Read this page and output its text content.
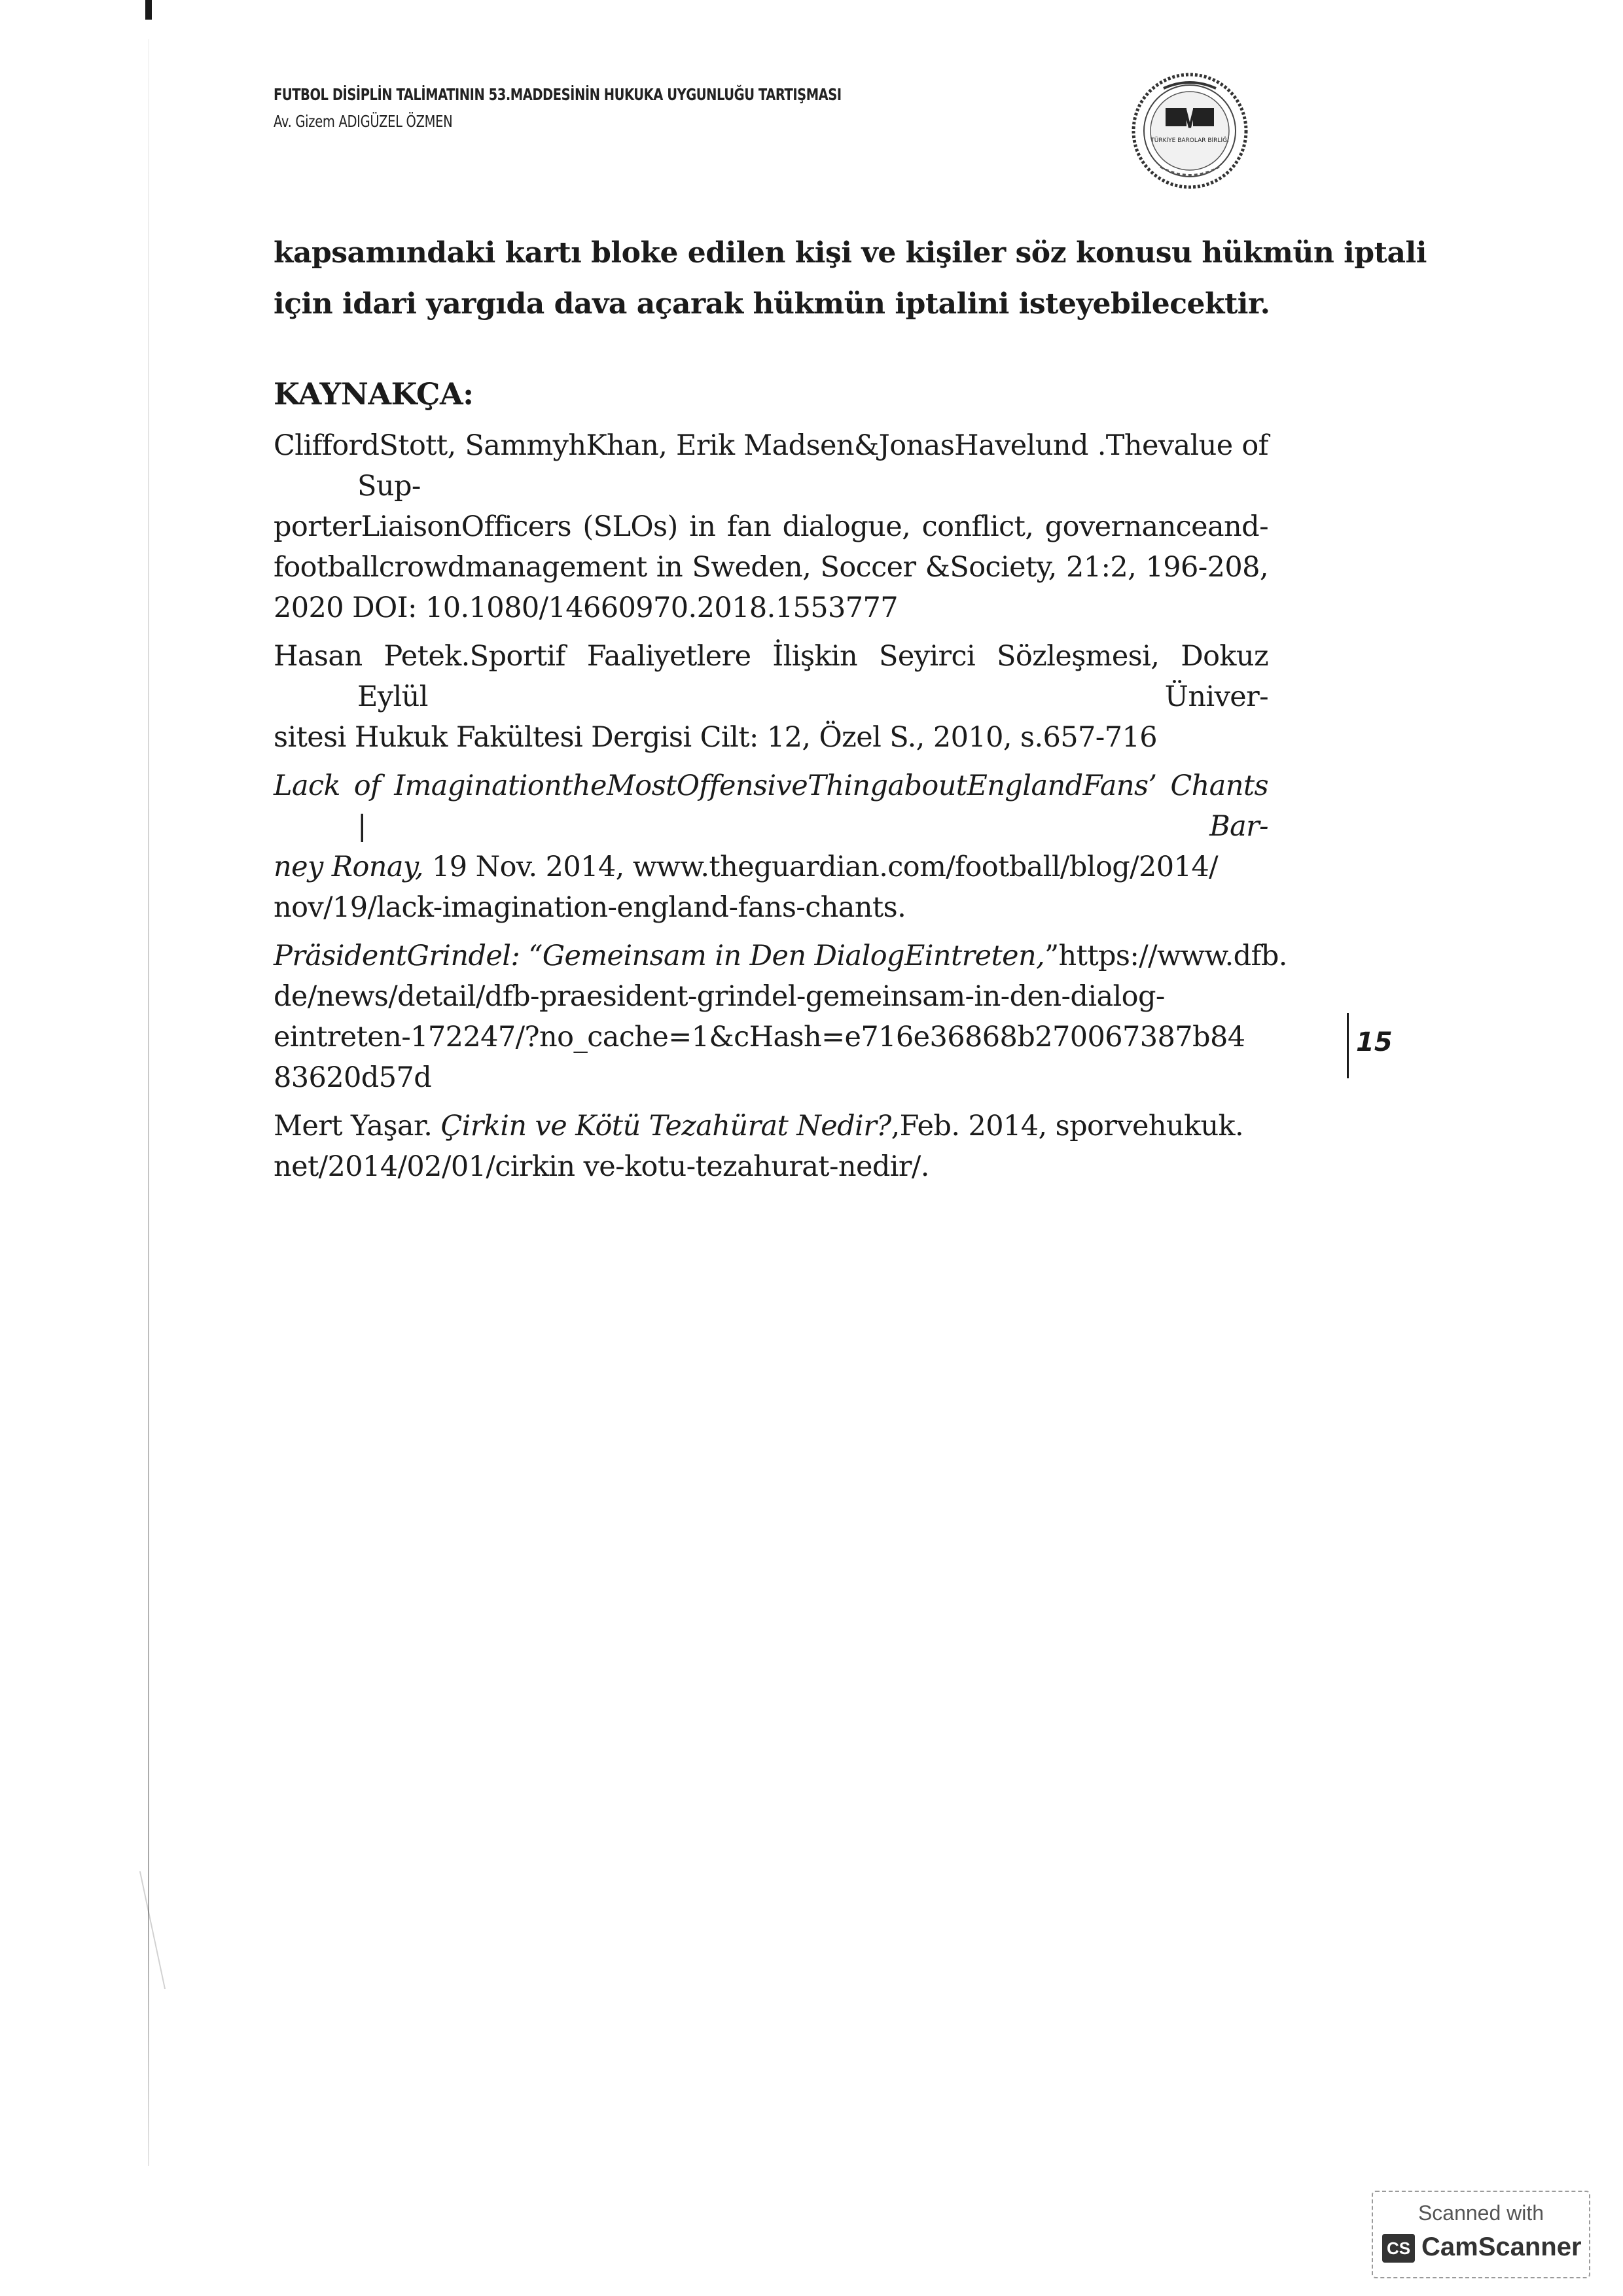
FUTBOL DİSİPLİN TALİMATININ 53.MADDESİNİN HUKUKA UYGUNLUĞU TARTIŞMASI
Av. Gizem ADIGÜZEL ÖZMEN
TÜRKİYE BAROLAR BİRLİĞİ
kapsamındaki kartı bloke edilen kişi ve kişiler söz konusu hükmün iptali
için idari yargıda dava açarak hükmün iptalini isteyebilecektir.
KAYNAKÇA:
CliffordStott, SammyhKhan, Erik Madsen&JonasHavelund .Thevalue of Sup-
porterLiaisonOfficers (SLOs) in fan dialogue, conflict, governanceand-
footballcrowdmanagement in Sweden, Soccer &Society, 21:2, 196-208,
2020 DOI: 10.1080/14660970.2018.1553777
Hasan Petek.Sportif Faaliyetlere İlişkin Seyirci Sözleşmesi, Dokuz Eylül Üniver-
sitesi Hukuk Fakültesi Dergisi Cilt: 12, Özel S., 2010, s.657-716
Lack of ImaginationtheMostOffensiveThingaboutEnglandFans’ Chants | Bar-
ney Ronay, 19 Nov. 2014, www.theguardian.com/football/blog/2014/
nov/19/lack-imagination-england-fans-chants.
PräsidentGrindel: “Gemeinsam in Den DialogEintreten,”https://www.dfb.
de/news/detail/dfb-praesident-grindel-gemeinsam-in-den-dialog-
eintreten-172247/?no_cache=1&cHash=e716e36868b270067387b84
83620d57d
Mert Yaşar. Çirkin ve Kötü Tezahürat Nedir?,Feb. 2014, sporvehukuk.
net/2014/02/01/cirkin ve-kotu-tezahurat-nedir/.
15
Scanned with
CS CamScanner
